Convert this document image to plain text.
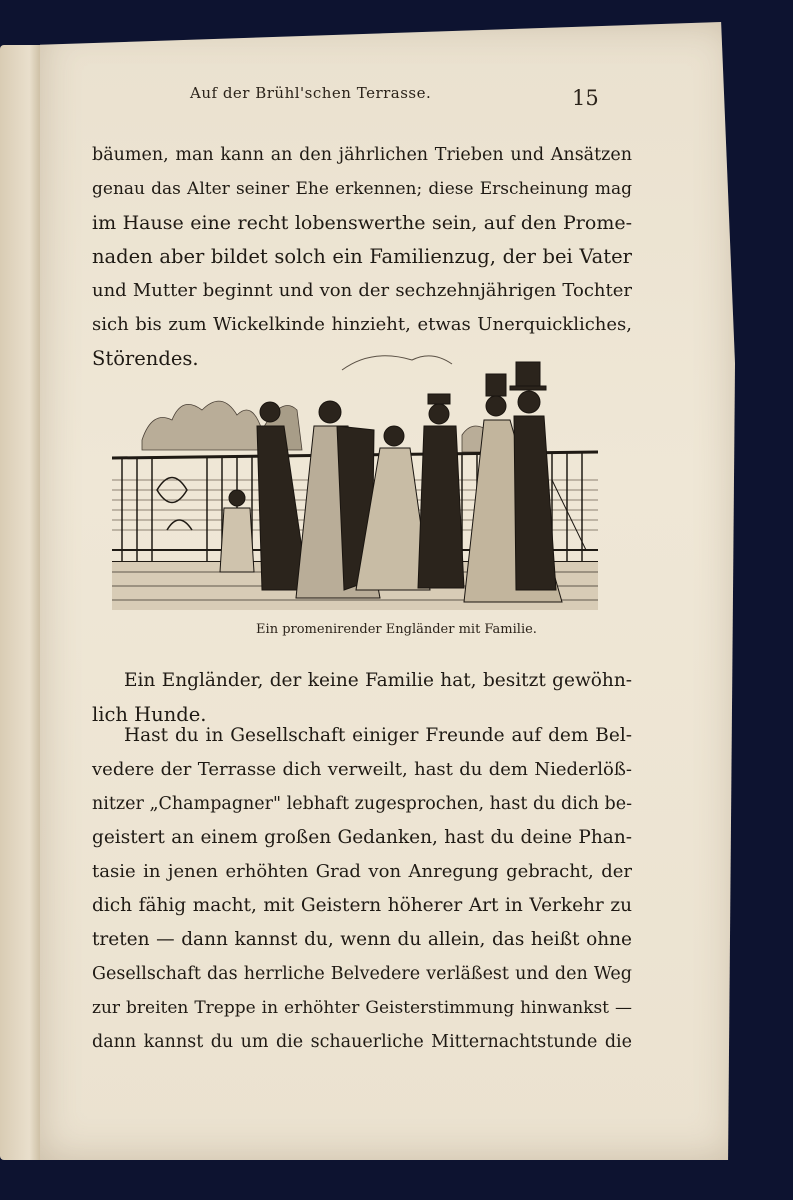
Auf der Brühl'schen Terrasse.	15
bäumen, man kann an den jährlichen Trieben und Ansätzen
genau das Alter seiner Ehe erkennen; diese Erscheinung mag
im Hause eine recht lobenswerthe sein, auf den Prome-
naden aber bildet solch ein Familienzug, der bei Vater
und Mutter beginnt und von der sechzehnjährigen Tochter
sich bis zum Wickelkinde hinzieht, etwas Unerquickliches,
Störendes.
Ein promenirender Engländer mit Familie.
Ein Engländer, der keine Familie hat, besitzt gewöhn-
lich Hunde.
Hast du in Gesellschaft einiger Freunde auf dem Bel-
vedere der Terrasse dich verweilt, hast du dem Niederlöß-
nitzer „Champagner" lebhaft zugesprochen, hast du dich be-
geistert an einem großen Gedanken, hast du deine Phan-
tasie in jenen erhöhten Grad von Anregung gebracht, der
dich fähig macht, mit Geistern höherer Art in Verkehr zu
treten — dann kannst du, wenn du allein, das heißt ohne
Gesellschaft das herrliche Belvedere verläßest und den Weg
zur breiten Treppe in erhöhter Geisterstimmung hinwankst —
dann kannst du um die schauerliche Mitternachtstunde die
